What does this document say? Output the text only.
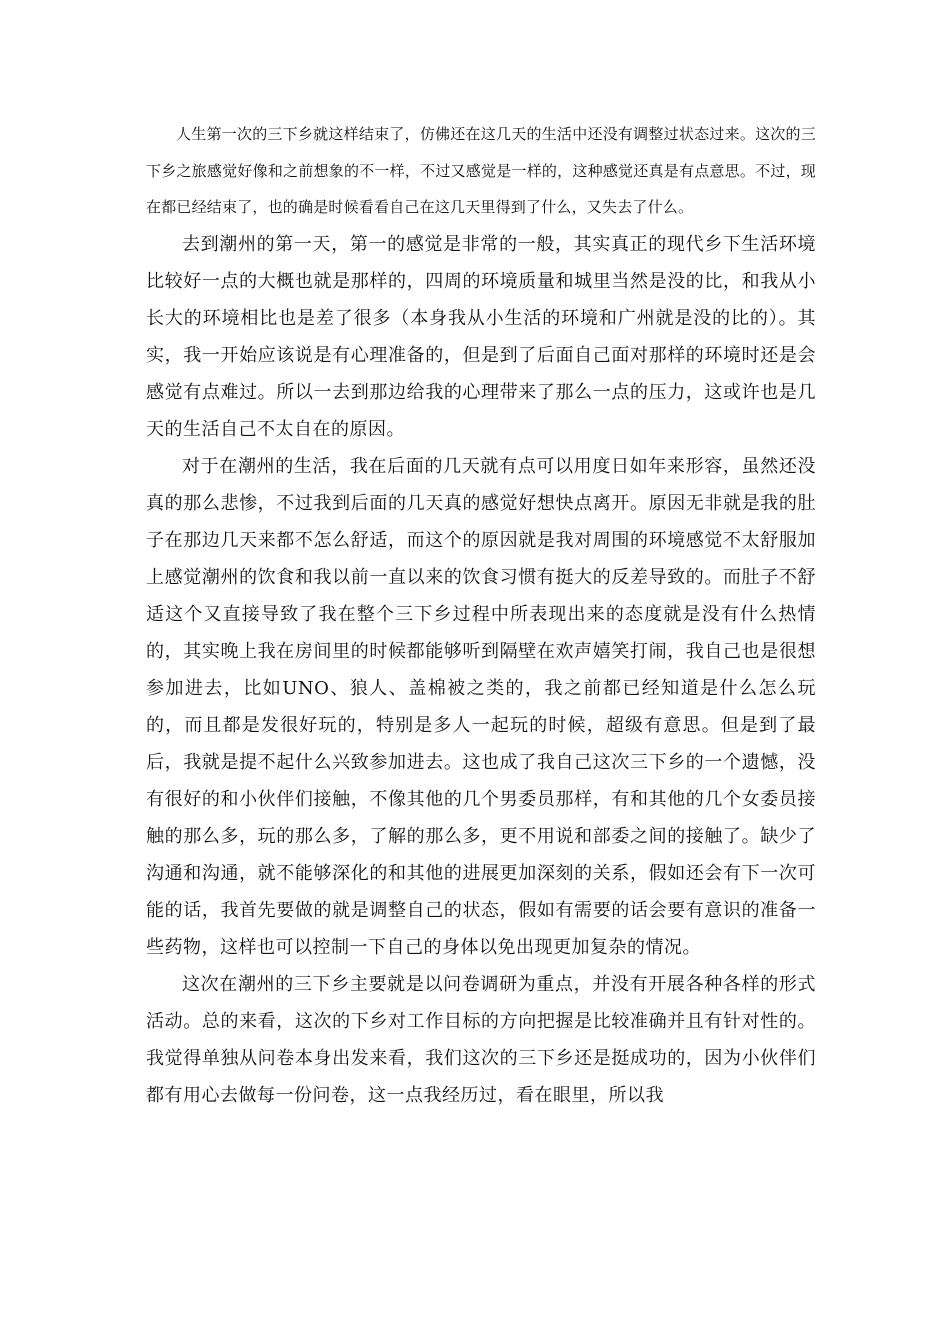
人生第一次的三下乡就这样结束了，仿佛还在这几天的生活中还没有调整过状态过来。这次的三下乡之旅感觉好像和之前想象的不一样，不过又感觉是一样的，这种感觉还真是有点意思。不过，现在都已经结束了，也的确是时候看看自己在这几天里得到了什么，又失去了什么。

去到潮州的第一天，第一的感觉是非常的一般，其实真正的现代乡下生活环境比较好一点的大概也就是那样的，四周的环境质量和城里当然是没的比，和我从小长大的环境相比也是差了很多（本身我从小生活的环境和广州就是没的比的）。其实，我一开始应该说是有心理准备的，但是到了后面自己面对那样的环境时还是会感觉有点难过。所以一去到那边给我的心理带来了那么一点的压力，这或许也是几天的生活自己不太自在的原因。

对于在潮州的生活，我在后面的几天就有点可以用度日如年来形容，虽然还没真的那么悲惨，不过我到后面的几天真的感觉好想快点离开。原因无非就是我的肚子在那边几天来都不怎么舒适，而这个的原因就是我对周围的环境感觉不太舒服加上感觉潮州的饮食和我以前一直以来的饮食习惯有挺大的反差导致的。而肚子不舒适这个又直接导致了我在整个三下乡过程中所表现出来的态度就是没有什么热情的，其实晚上我在房间里的时候都能够听到隔壁在欢声嬉笑打闹，我自己也是很想参加进去，比如UNO、狼人、盖棉被之类的，我之前都已经知道是什么怎么玩的，而且都是发很好玩的，特别是多人一起玩的时候，超级有意思。但是到了最后，我就是提不起什么兴致参加进去。这也成了我自己这次三下乡的一个遗憾，没有很好的和小伙伴们接触，不像其他的几个男委员那样，有和其他的几个女委员接触的那么多，玩的那么多，了解的那么多，更不用说和部委之间的接触了。缺少了沟通和沟通，就不能够深化的和其他的进展更加深刻的关系，假如还会有下一次可能的话，我首先要做的就是调整自己的状态，假如有需要的话会要有意识的准备一些药物，这样也可以控制一下自己的身体以免出现更加复杂的情况。

这次在潮州的三下乡主要就是以问卷调研为重点，并没有开展各种各样的形式活动。总的来看，这次的下乡对工作目标的方向把握是比较准确并且有针对性的。我觉得单独从问卷本身出发来看，我们这次的三下乡还是挺成功的，因为小伙伴们都有用心去做每一份问卷，这一点我经历过，看在眼里，所以我
